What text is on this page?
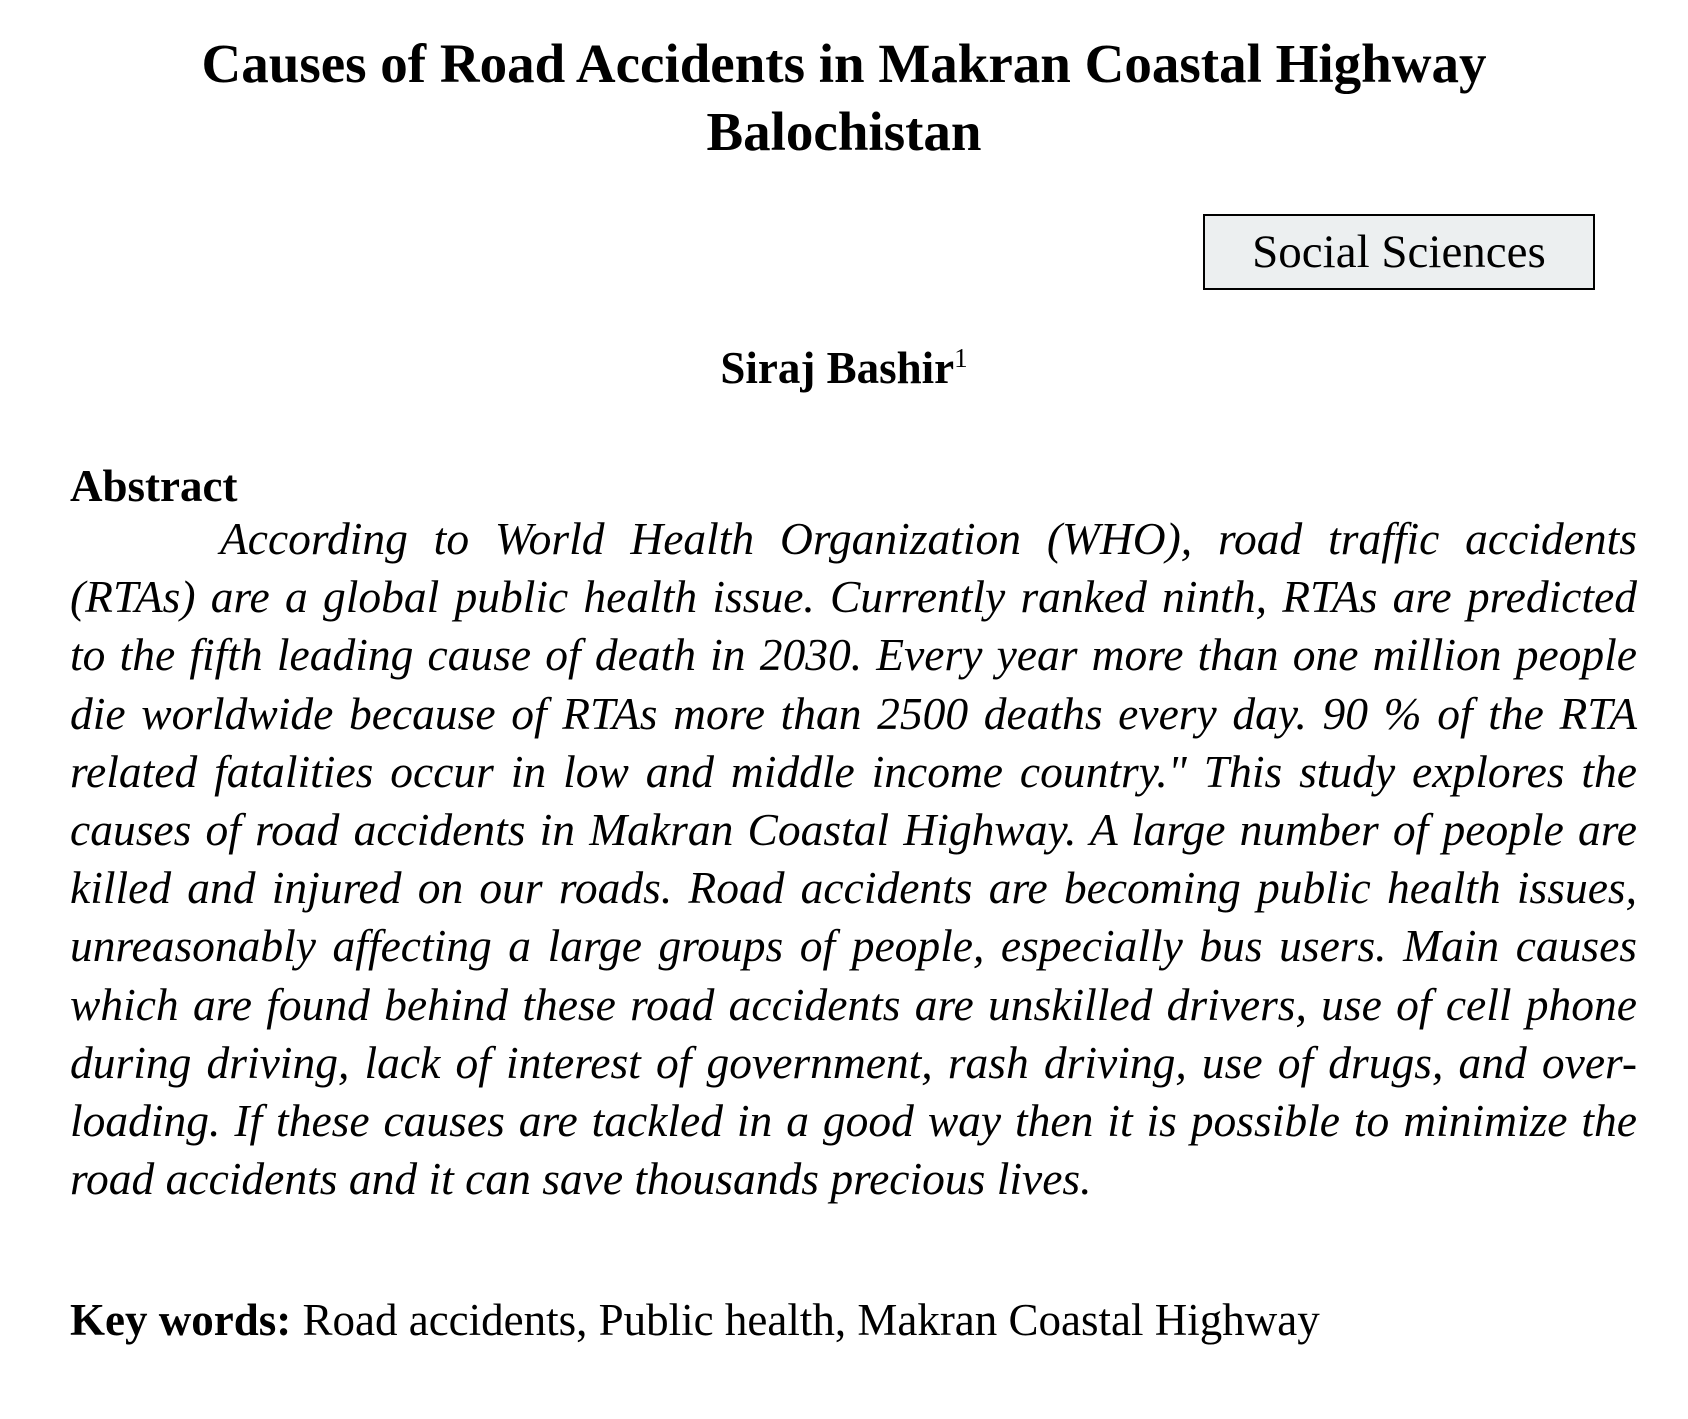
Causes of Road Accidents in Makran Coastal Highway
Balochistan
Social Sciences
Siraj Bashir$^1$
Abstract

According to World Health Organization (WHO), road traffic accidents (RTAs) are a global public health issue. Currently ranked ninth, RTAs are predicted to the fifth leading cause of death in 2030. Every year more than one million people die worldwide because of RTAs more than 2500 deaths every day. 90 % of the RTA related fatalities occur in low and middle income country." This study explores the causes of road accidents in Makran Coastal Highway. A large number of people are killed and injured on our roads. Road accidents are becoming public health issues, unreasonably affecting a large groups of people, especially bus users. Main causes which are found behind these road accidents are unskilled drivers, use of cell phone during driving, lack of interest of government, rash driving, use of drugs, and over-loading. If these causes are tackled in a good way then it is possible to minimize the road accidents and it can save thousands precious lives.

Key words: Road accidents, Public health, Makran Coastal Highway
